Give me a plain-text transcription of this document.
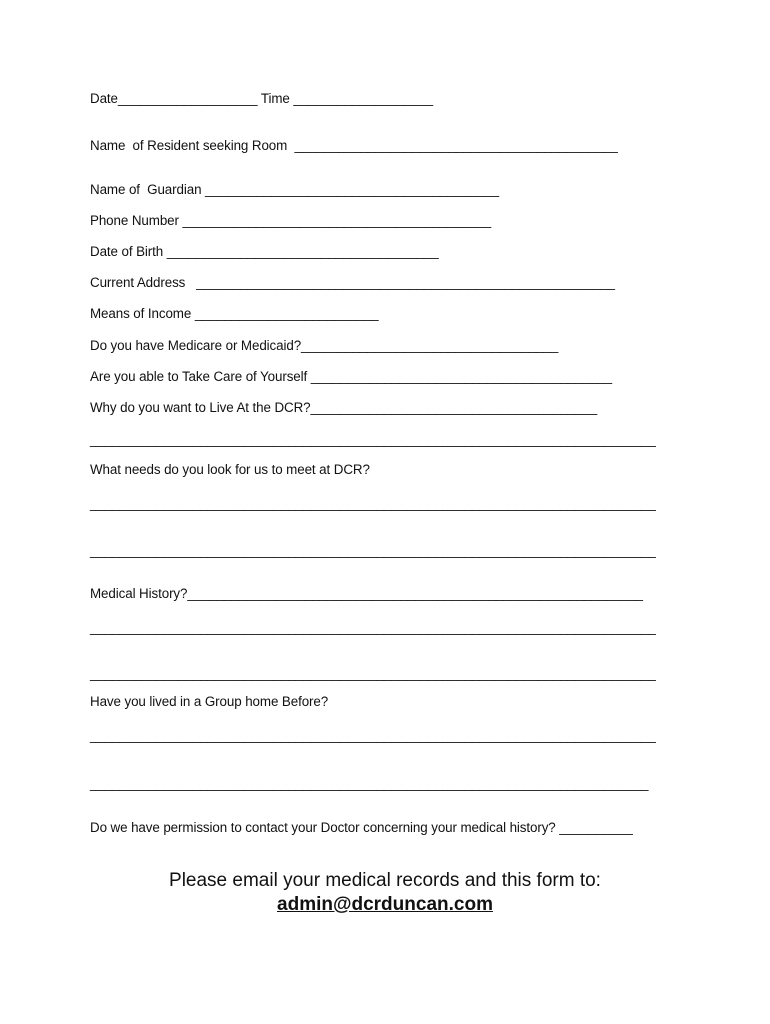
Date___________________ Time ___________________
Name  of Resident seeking Room  ____________________________________________
Name of  Guardian ________________________________________
Phone Number __________________________________________
Date of Birth _____________________________________
Current Address   _________________________________________________________
Means of Income _________________________
Do you have Medicare or Medicaid?___________________________________
Are you able to Take Care of Yourself _________________________________________
Why do you want to Live At the DCR?_______________________________________
_____________________________________________________________________________
What needs do you look for us to meet at DCR?
_____________________________________________________________________________
_____________________________________________________________________________
Medical History?______________________________________________________________
_____________________________________________________________________________
_____________________________________________________________________________
Have you lived in a Group home Before?
_____________________________________________________________________________
____________________________________________________________________________
Do we have permission to contact your Doctor concerning your medical history? __________
Please email your medical records and this form to:
admin@dcrduncan.com
